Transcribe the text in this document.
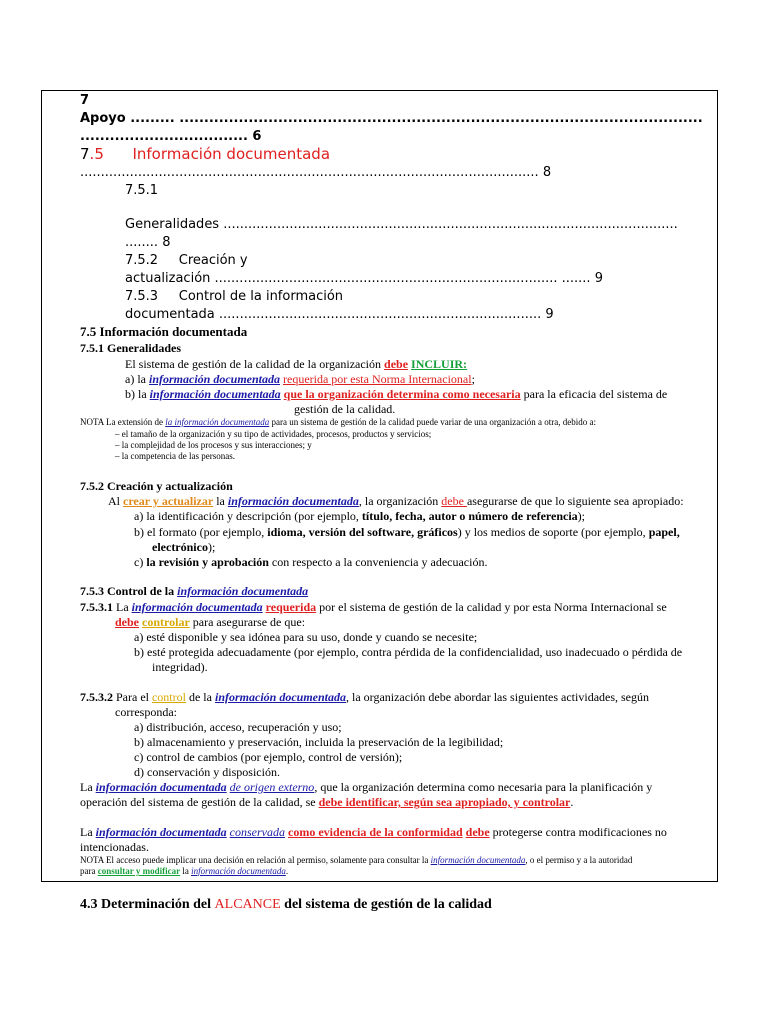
7
Apoyo ......... ..........................................................................................................
.................................. 6
7.5      Información documentada
............................................................................................................... 8
7.5.1
Generalidades ..............................................................................................................
........ 8
7.5.2     Creación y
actualización ................................................................................... ....... 9
7.5.3     Control de la información
documentada .............................................................................. 9
7.5 Información documentada
7.5.1 Generalidades
El sistema de gestión de la calidad de la organización debe INCLUIR:
a) la información documentada requerida por esta Norma Internacional;
b) la información documentada que la organización determina como necesaria para la eficacia del sistema de
gestión de la calidad.
NOTA La extensión de la información documentada para un sistema de gestión de la calidad puede variar de una organización a otra, debido a:
– el tamaño de la organización y su tipo de actividades, procesos, productos y servicios;
– la complejidad de los procesos y sus interacciones; y
– la competencia de las personas.
7.5.2 Creación y actualización
Al crear y actualizar la información documentada, la organización debe asegurarse de que lo siguiente sea apropiado:
a) la identificación y descripción (por ejemplo, título, fecha, autor o número de referencia);
b) el formato (por ejemplo, idioma, versión del software, gráficos) y los medios de soporte (por ejemplo, papel,
electrónico);
c) la revisión y aprobación con respecto a la conveniencia y adecuación.
7.5.3 Control de la información documentada
7.5.3.1 La información documentada requerida por el sistema de gestión de la calidad y por esta Norma Internacional se
debe controlar para asegurarse de que:
a) esté disponible y sea idónea para su uso, donde y cuando se necesite;
b) esté protegida adecuadamente (por ejemplo, contra pérdida de la confidencialidad, uso inadecuado o pérdida de
integridad).
7.5.3.2 Para el control de la información documentada, la organización debe abordar las siguientes actividades, según
corresponda:
a) distribución, acceso, recuperación y uso;
b) almacenamiento y preservación, incluida la preservación de la legibilidad;
c) control de cambios (por ejemplo, control de versión);
d) conservación y disposición.
La información documentada de origen externo, que la organización determina como necesaria para la planificación y
operación del sistema de gestión de la calidad, se debe identificar, según sea apropiado, y controlar.
La información documentada conservada como evidencia de la conformidad debe protegerse contra modificaciones no
intencionadas.
NOTA El acceso puede implicar una decisión en relación al permiso, solamente para consultar la información documentada, o el permiso y a la autoridad
para consultar y modificar la información documentada.
4.3 Determinación del ALCANCE del sistema de gestión de la calidad
